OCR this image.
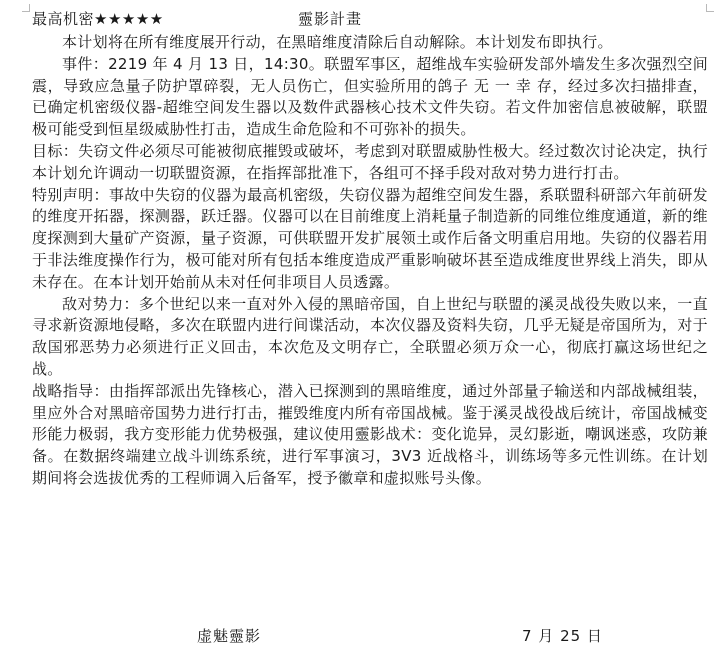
最高机密★★★★★	靈影計畫

本计划将在所有维度展开行动，在黑暗维度清除后自动解除。本计划发布即执行。

事件：2219 年 4 月 13 日，14:30。联盟军事区，超维战车实验研发部外墙发生多次强烈空间震，导致应急量子防护罩碎裂，无人员伤亡，但实验所用的鸽子 无 一 幸 存，经过多次扫描排查，已确定机密级仪器-超维空间发生器以及数件武器核心技术文件失窃。若文件加密信息被破解，联盟极可能受到恒星级威胁性打击，造成生命危险和不可弥补的损失。

目标：失窃文件必须尽可能被彻底摧毁或破坏，考虑到对联盟威胁性极大。经过数次讨论决定，执行本计划允许调动一切联盟资源，在指挥部批准下，各组可不择手段对敌对势力进行打击。

特别声明：事故中失窃的仪器为最高机密级，失窃仪器为超维空间发生器，系联盟科研部六年前研发的维度开拓器，探测器，跃迁器。仪器可以在目前维度上消耗量子制造新的同维位维度通道，新的维度探测到大量矿产资源，量子资源，可供联盟开发扩展领土或作后备文明重启用地。失窃的仪器若用于非法维度操作行为，极可能对所有包括本维度造成严重影响破坏甚至造成维度世界线上消失，即从未存在。在本计划开始前从未对任何非项目人员透露。

敌对势力：多个世纪以来一直对外入侵的黑暗帝国，自上世纪与联盟的溪灵战役失败以来，一直寻求新资源地侵略，多次在联盟内进行间谍活动，本次仪器及资料失窃，几乎无疑是帝国所为，对于敌国邪恶势力必须进行正义回击，本次危及文明存亡，全联盟必须万众一心，彻底打赢这场世纪之战。

战略指导：由指挥部派出先锋核心，潜入已探测到的黑暗维度，通过外部量子输送和内部战械组装，里应外合对黑暗帝国势力进行打击，摧毁维度内所有帝国战械。鉴于溪灵战役战后统计，帝国战械变形能力极弱，我方变形能力优势极强，建议使用靈影战术：变化诡异，灵幻影逝，嘲讽迷惑，攻防兼备。在数据终端建立战斗训练系统，进行军事演习，3V3 近战格斗，训练场等多元性训练。在计划期间将会选拔优秀的工程师调入后备军，授予徽章和虚拟账号头像。

虚魅靈影	7 月 25 日
